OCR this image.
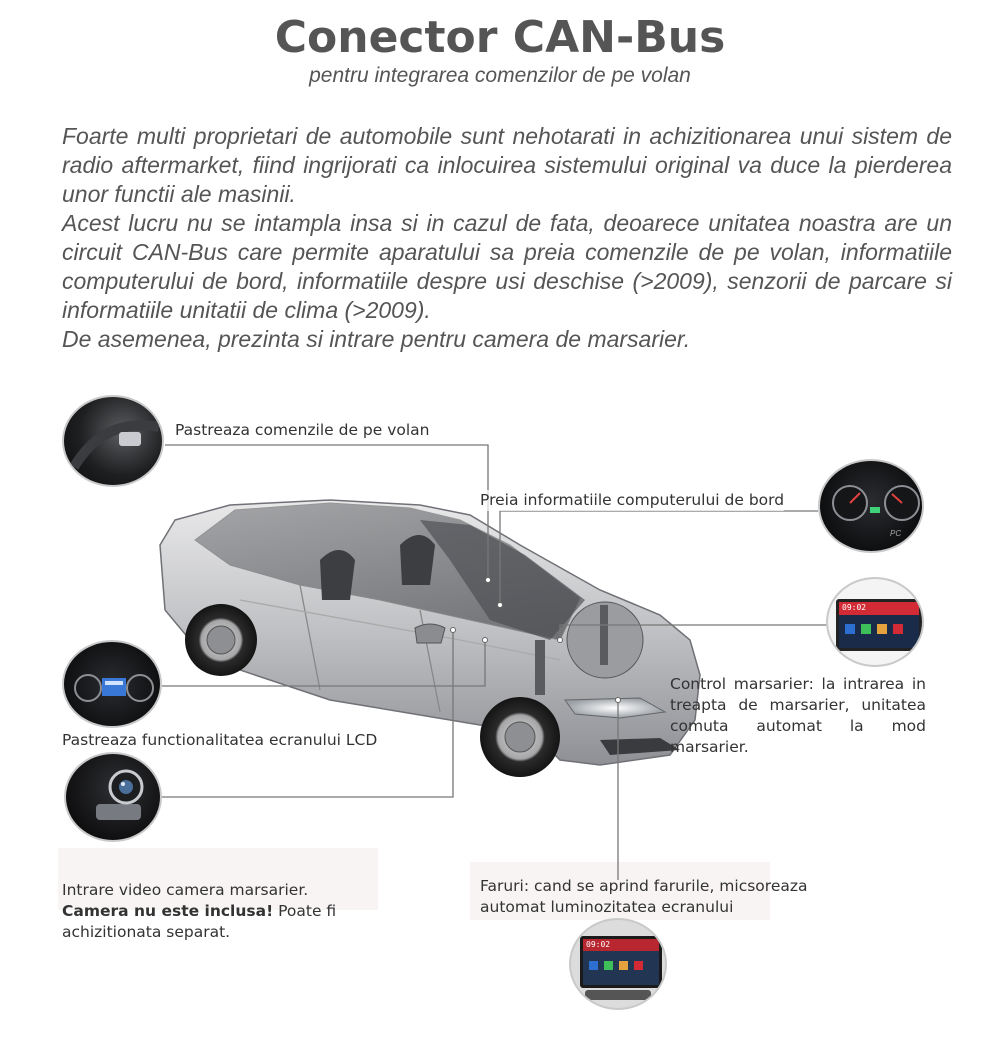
Conector CAN-Bus
pentru integrarea comenzilor de pe volan

Foarte multi proprietari de automobile sunt nehotarati in achizitionarea unui sistem de radio aftermarket, fiind ingrijorati ca inlocuirea sistemului original va duce la pierderea unor functii ale masinii.

Acest lucru nu se intampla insa si in cazul de fata, deoarece unitatea noastra are un circuit CAN-Bus care permite aparatului sa preia comenzile de pe volan, informatiile computerului de bord, informatiile despre usi deschise (>2009), senzorii de parcare si informatiile unitatii de clima (>2009).

De asemenea, prezinta si intrare pentru camera de marsarier.

PC
09:02
09:02
Pastreaza comenzile de pe volan
Preia informatiile computerului de bord
Control marsarier: la intrarea in treapta de marsarier, unitatea comuta automat la mod marsarier.
Pastreaza functionalitatea ecranului LCD
Intrare video camera marsarier.
Camera nu este inclusa! Poate fi achizitionata separat.
Faruri: cand se aprind farurile, micsoreaza automat luminozitatea ecranului
